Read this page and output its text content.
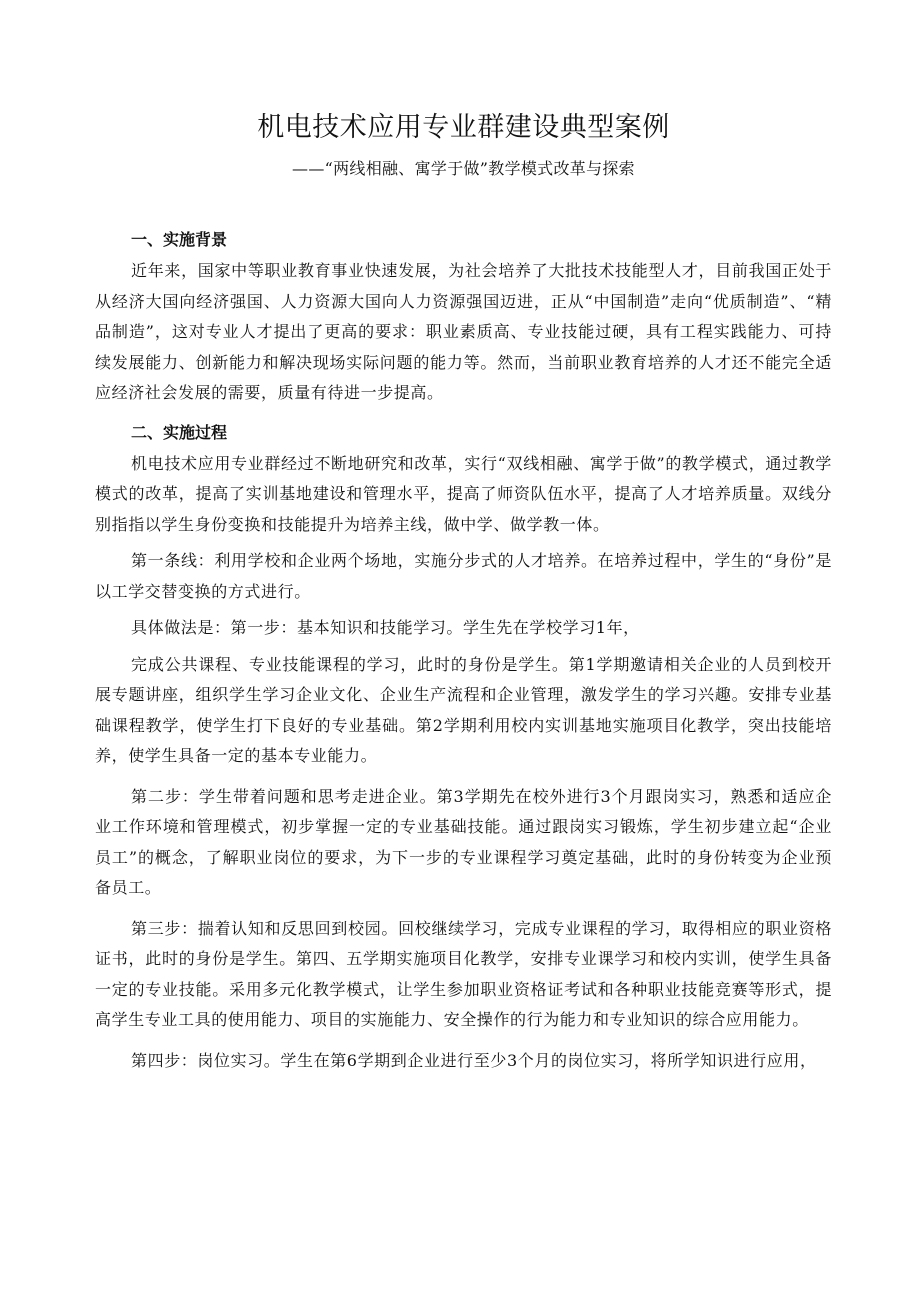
机电技术应用专业群建设典型案例

——“两线相融、寓学于做”教学模式改革与探索

一、实施背景

近年来，国家中等职业教育事业快速发展，为社会培养了大批技术技能型人才，目前我国正处于从经济大国向经济强国、人力资源大国向人力资源强国迈进，正从“中国制造”走向“优质制造”、“精品制造”，这对专业人才提出了更高的要求：职业素质高、专业技能过硬，具有工程实践能力、可持续发展能力、创新能力和解决现场实际问题的能力等。然而，当前职业教育培养的人才还不能完全适应经济社会发展的需要，质量有待进一步提高。

二、实施过程

机电技术应用专业群经过不断地研究和改革，实行“双线相融、寓学于做”的教学模式，通过教学模式的改革，提高了实训基地建设和管理水平，提高了师资队伍水平，提高了人才培养质量。双线分别指指以学生身份变换和技能提升为培养主线，做中学、做学教一体。

第一条线：利用学校和企业两个场地，实施分步式的人才培养。在培养过程中，学生的“身份”是以工学交替变换的方式进行。

具体做法是：第一步：基本知识和技能学习。学生先在学校学习1年，

完成公共课程、专业技能课程的学习，此时的身份是学生。第1学期邀请相关企业的人员到校开展专题讲座，组织学生学习企业文化、企业生产流程和企业管理，激发学生的学习兴趣。安排专业基础课程教学，使学生打下良好的专业基础。第2学期利用校内实训基地实施项目化教学，突出技能培养，使学生具备一定的基本专业能力。

第二步：学生带着问题和思考走进企业。第3学期先在校外进行3个月跟岗实习，熟悉和适应企业工作环境和管理模式，初步掌握一定的专业基础技能。通过跟岗实习锻炼，学生初步建立起“企业员工”的概念，了解职业岗位的要求，为下一步的专业课程学习奠定基础，此时的身份转变为企业预备员工。

第三步：揣着认知和反思回到校园。回校继续学习，完成专业课程的学习，取得相应的职业资格证书，此时的身份是学生。第四、五学期实施项目化教学，安排专业课学习和校内实训，使学生具备一定的专业技能。采用多元化教学模式，让学生参加职业资格证考试和各种职业技能竞赛等形式，提高学生专业工具的使用能力、项目的实施能力、安全操作的行为能力和专业知识的综合应用能力。

第四步：岗位实习。学生在第6学期到企业进行至少3个月的岗位实习，将所学知识进行应用，
